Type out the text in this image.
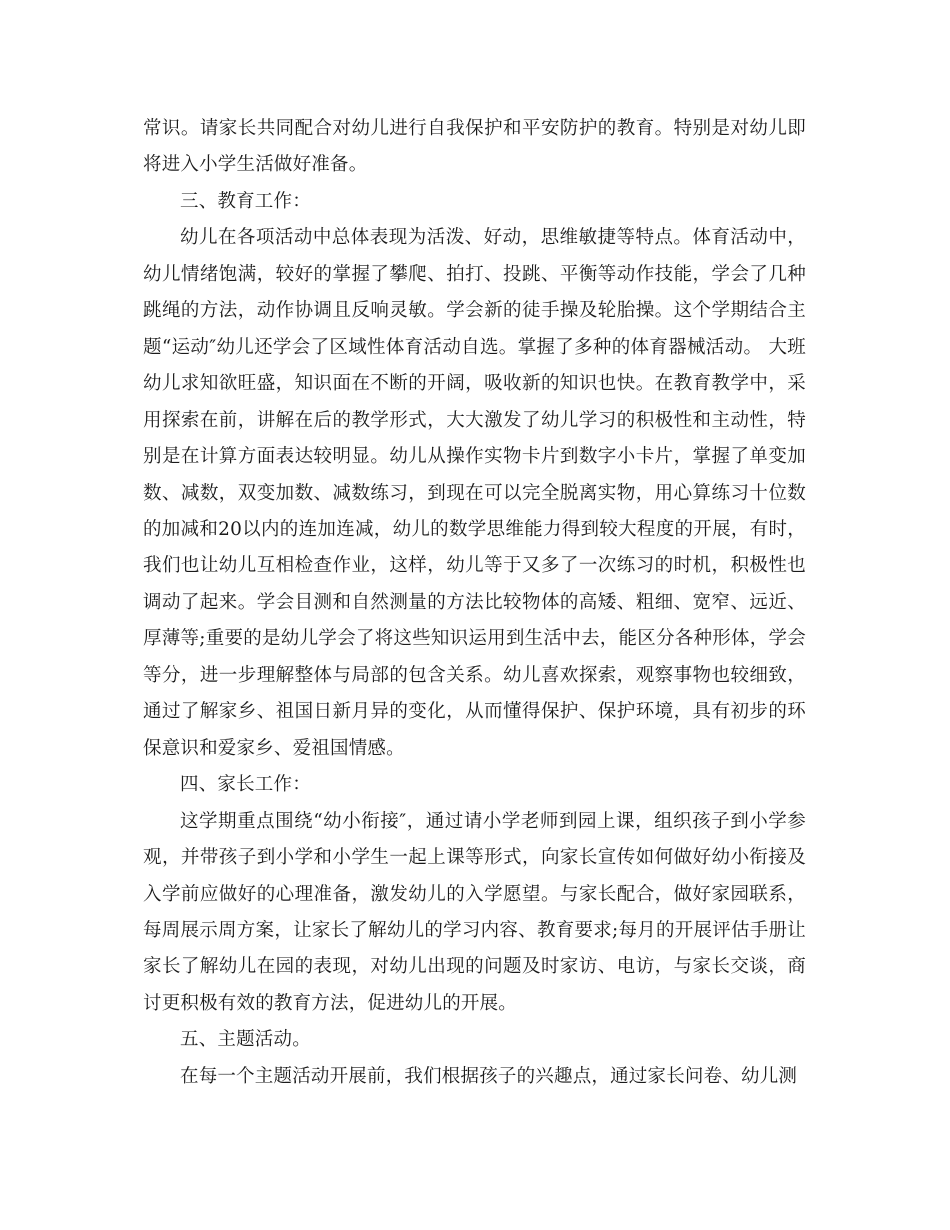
常识。请家长共同配合对幼儿进行自我保护和平安防护的教育。特别是对幼儿即将进入小学生活做好准备。

三、教育工作：

幼儿在各项活动中总体表现为活泼、好动，思维敏捷等特点。体育活动中，幼儿情绪饱满，较好的掌握了攀爬、拍打、投跳、平衡等动作技能，学会了几种跳绳的方法，动作协调且反响灵敏。学会新的徒手操及轮胎操。这个学期结合主题“运动″幼儿还学会了区域性体育活动自选。掌握了多种的体育器械活动。 大班幼儿求知欲旺盛，知识面在不断的开阔，吸收新的知识也快。在教育教学中，采用探索在前，讲解在后的教学形式，大大激发了幼儿学习的积极性和主动性，特别是在计算方面表达较明显。幼儿从操作实物卡片到数字小卡片，掌握了单变加数、减数，双变加数、减数练习，到现在可以完全脱离实物，用心算练习十位数的加减和20以内的连加连减，幼儿的数学思维能力得到较大程度的开展，有时，我们也让幼儿互相检查作业，这样，幼儿等于又多了一次练习的时机，积极性也调动了起来。学会目测和自然测量的方法比较物体的高矮、粗细、宽窄、远近、厚薄等;重要的是幼儿学会了将这些知识运用到生活中去，能区分各种形体，学会等分，进一步理解整体与局部的包含关系。幼儿喜欢探索，观察事物也较细致，通过了解家乡、祖国日新月异的变化，从而懂得保护、保护环境，具有初步的环保意识和爱家乡、爱祖国情感。

四、家长工作：

这学期重点围绕“幼小衔接″，通过请小学老师到园上课，组织孩子到小学参观，并带孩子到小学和小学生一起上课等形式，向家长宣传如何做好幼小衔接及入学前应做好的心理准备，激发幼儿的入学愿望。与家长配合，做好家园联系，每周展示周方案，让家长了解幼儿的学习内容、教育要求;每月的开展评估手册让家长了解幼儿在园的表现，对幼儿出现的问题及时家访、电访，与家长交谈，商讨更积极有效的教育方法，促进幼儿的开展。

五、主题活动。

在每一个主题活动开展前，我们根据孩子的兴趣点，通过家长问卷、幼儿测
